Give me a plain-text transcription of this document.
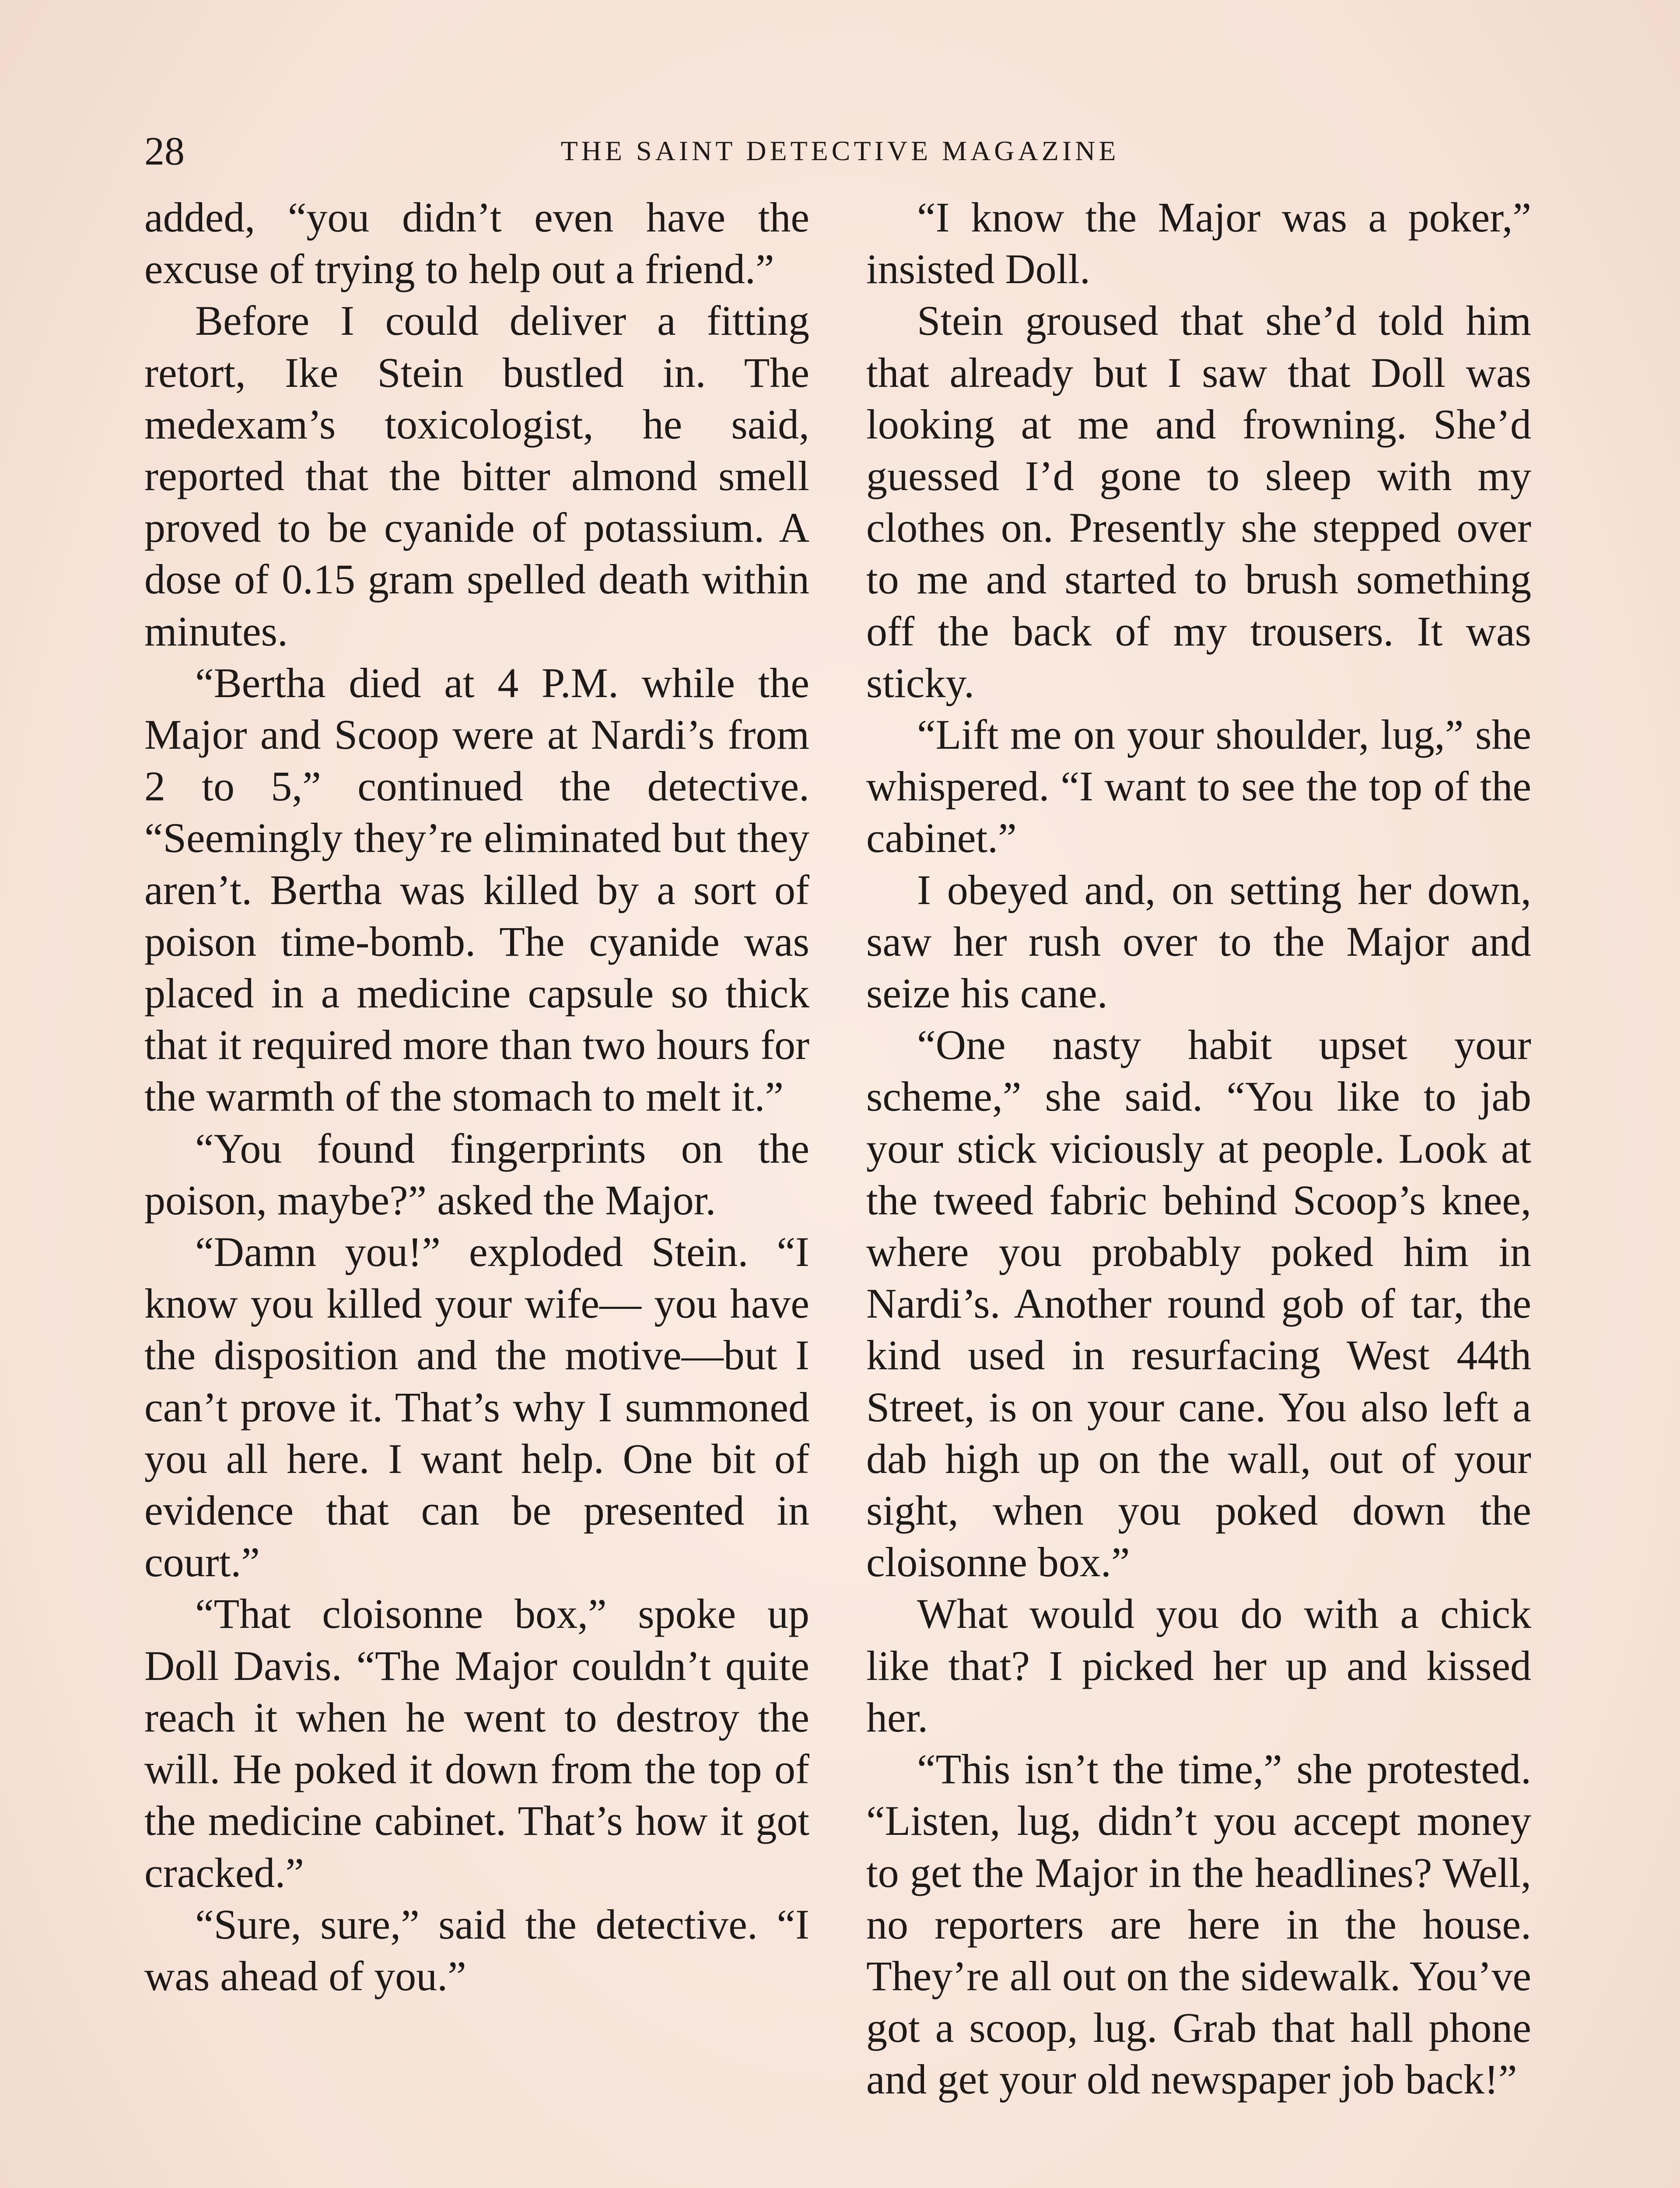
28	THE SAINT DETECTIVE MAGAZINE

added, “you didn’t even have the excuse of trying to help out a friend.”

Before I could deliver a fitting retort, Ike Stein bustled in. The medexam’s toxicologist, he said, reported that the bitter almond smell proved to be cyanide of potassium. A dose of 0.15 gram spelled death within minutes.

“Bertha died at 4 P.M. while the Major and Scoop were at Nardi’s from 2 to 5,” continued the detective. “Seemingly they’re eliminated but they aren’t. Bertha was killed by a sort of poison time-bomb. The cyanide was placed in a medicine capsule so thick that it required more than two hours for the warmth of the stomach to melt it.”

“You found fingerprints on the poison, maybe?” asked the Major.

“Damn you!” exploded Stein. “I know you killed your wife— you have the disposition and the motive—but I can’t prove it. That’s why I summoned you all here. I want help. One bit of evidence that can be presented in court.”

“That cloisonne box,” spoke up Doll Davis. “The Major couldn’t quite reach it when he went to destroy the will. He poked it down from the top of the medicine cabinet. That’s how it got cracked.”

“Sure, sure,” said the detective. “I was ahead of you.”

“I know the Major was a poker,” insisted Doll.

Stein groused that she’d told him that already but I saw that Doll was looking at me and frowning. She’d guessed I’d gone to sleep with my clothes on. Presently she stepped over to me and started to brush something off the back of my trousers. It was sticky.

“Lift me on your shoulder, lug,” she whispered. “I want to see the top of the cabinet.”

I obeyed and, on setting her down, saw her rush over to the Major and seize his cane.

“One nasty habit upset your scheme,” she said. “You like to jab your stick viciously at people. Look at the tweed fabric behind Scoop’s knee, where you probably poked him in Nardi’s. Another round gob of tar, the kind used in resurfacing West 44th Street, is on your cane. You also left a dab high up on the wall, out of your sight, when you poked down the cloisonne box.”

What would you do with a chick like that? I picked her up and kissed her.

“This isn’t the time,” she protested. “Listen, lug, didn’t you accept money to get the Major in the headlines? Well, no reporters are here in the house. They’re all out on the sidewalk. You’ve got a scoop, lug. Grab that hall phone and get your old newspaper job back!”
